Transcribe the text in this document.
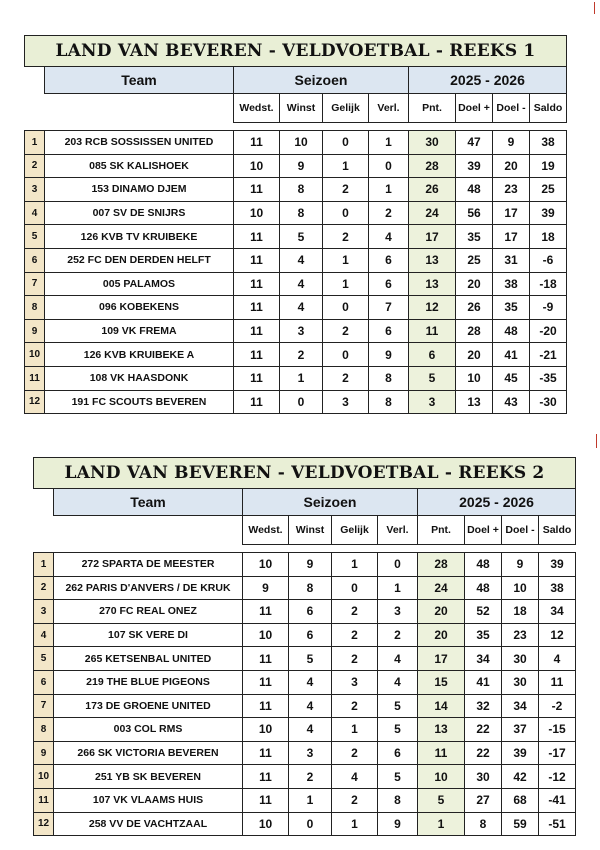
LAND VAN BEVEREN - VELDVOETBAL - REEKS 1									
	Team	Seizoen				2025 - 2026			
		Wedst.	Winst	Gelijk	Verl.	Pnt.	Doel +	Doel -	Saldo

1	203 RCB SOSSISSEN UNITED	11	10	0	1	30	47	9	38
2	085 SK KALISHOEK	10	9	1	0	28	39	20	19
3	153 DINAMO DJEM	11	8	2	1	26	48	23	25
4	007 SV DE SNIJRS	10	8	0	2	24	56	17	39
5	126 KVB TV KRUIBEKE	11	5	2	4	17	35	17	18
6	252 FC DEN DERDEN HELFT	11	4	1	6	13	25	31	-6
7	005 PALAMOS	11	4	1	6	13	20	38	-18
8	096 KOBEKENS	11	4	0	7	12	26	35	-9
9	109 VK FREMA	11	3	2	6	11	28	48	-20
10	126 KVB KRUIBEKE A	11	2	0	9	6	20	41	-21
11	108 VK HAASDONK	11	1	2	8	5	10	45	-35
12	191 FC SCOUTS BEVEREN	11	0	3	8	3	13	43	-30
LAND VAN BEVEREN - VELDVOETBAL - REEKS 2									
	Team	Seizoen				2025 - 2026			
		Wedst.	Winst	Gelijk	Verl.	Pnt.	Doel +	Doel -	Saldo

1	272 SPARTA DE MEESTER	10	9	1	0	28	48	9	39
2	262 PARIS D'ANVERS / DE KRUK	9	8	0	1	24	48	10	38
3	270 FC REAL ONEZ	11	6	2	3	20	52	18	34
4	107 SK VERE DI	10	6	2	2	20	35	23	12
5	265 KETSENBAL UNITED	11	5	2	4	17	34	30	4
6	219 THE BLUE PIGEONS	11	4	3	4	15	41	30	11
7	173 DE GROENE UNITED	11	4	2	5	14	32	34	-2
8	003 COL RMS	10	4	1	5	13	22	37	-15
9	266 SK VICTORIA BEVEREN	11	3	2	6	11	22	39	-17
10	251 YB SK BEVEREN	11	2	4	5	10	30	42	-12
11	107 VK VLAAMS HUIS	11	1	2	8	5	27	68	-41
12	258 VV DE VACHTZAAL	10	0	1	9	1	8	59	-51
